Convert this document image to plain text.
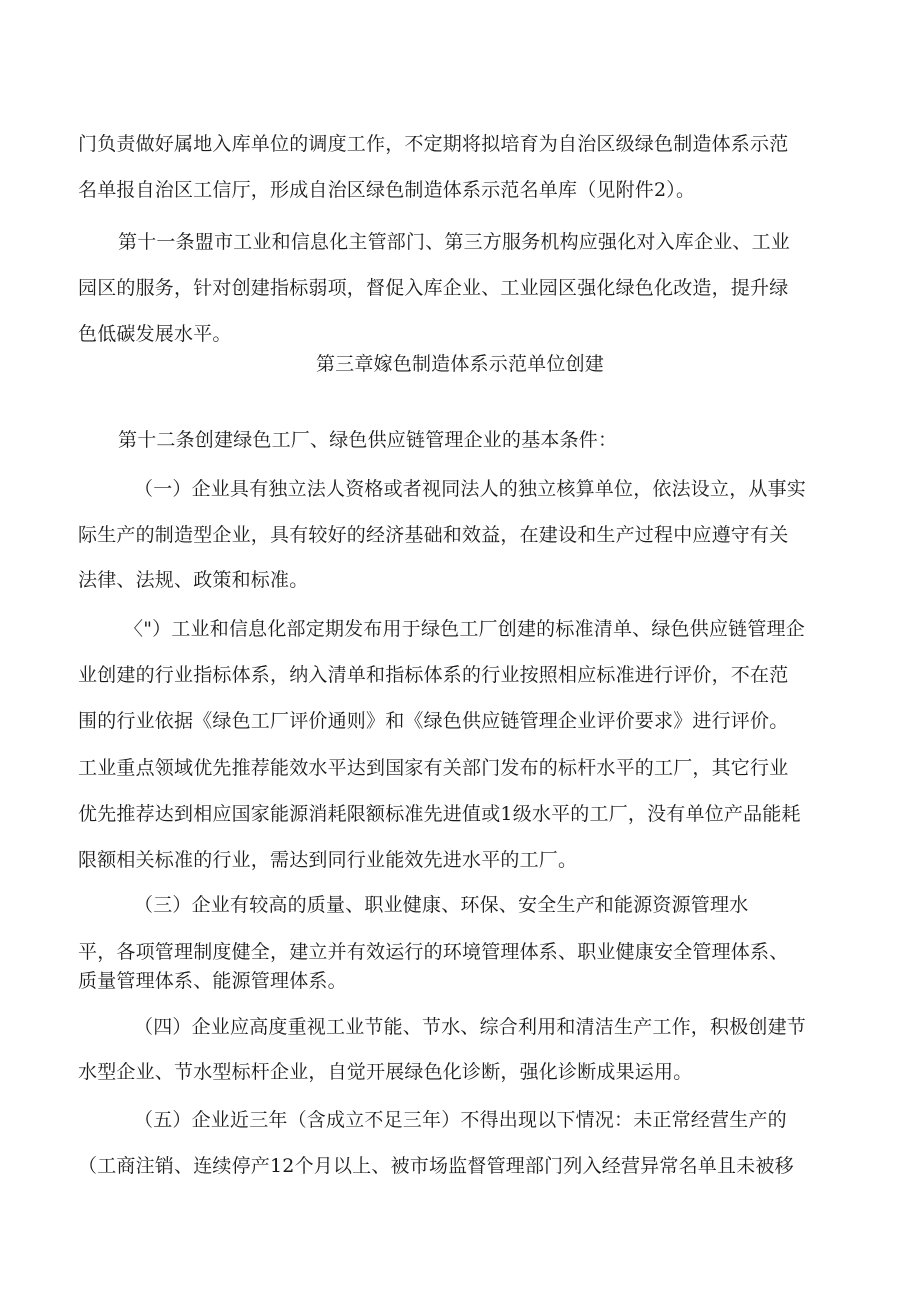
门负责做好属地入库单位的调度工作，不定期将拟培育为自治区级绿色制造体系示范
名单报自治区工信厅，形成自治区绿色制造体系示范名单库（见附件2）。
第十一条盟市工业和信息化主管部门、第三方服务机构应强化对入库企业、工业
园区的服务，针对创建指标弱项，督促入库企业、工业园区强化绿色化改造，提升绿
色低碳发展水平。
第三章嫁色制造体系示范单位创建
第十二条创建绿色工厂、绿色供应链管理企业的基本条件：
（一）企业具有独立法人资格或者视同法人的独立核算单位，依法设立，从事实
际生产的制造型企业，具有较好的经济基础和效益，在建设和生产过程中应遵守有关
法律、法规、政策和标准。
〈"）工业和信息化部定期发布用于绿色工厂创建的标准清单、绿色供应链管理企
业创建的行业指标体系，纳入清单和指标体系的行业按照相应标准进行评价，不在范
围的行业依据《绿色工厂评价通则》和《绿色供应链管理企业评价要求》进行评价。
工业重点领域优先推荐能效水平达到国家有关部门发布的标杆水平的工厂，其它行业
优先推荐达到相应国家能源消耗限额标准先进值或1级水平的工厂，没有单位产品能耗
限额相关标准的行业，需达到同行业能效先进水平的工厂。
（三）企业有较高的质量、职业健康、环保、安全生产和能源资源管理水
平，各项管理制度健全，建立并有效运行的环境管理体系、职业健康安全管理体系、
质量管理体系、能源管理体系。
（四）企业应高度重视工业节能、节水、综合利用和清洁生产工作，积极创建节
水型企业、节水型标杆企业，自觉开展绿色化诊断，强化诊断成果运用。
（五）企业近三年（含成立不足三年）不得出现以下情况：未正常经营生产的
（工商注销、连续停产12个月以上、被市场监督管理部门列入经营异常名单且未被移
